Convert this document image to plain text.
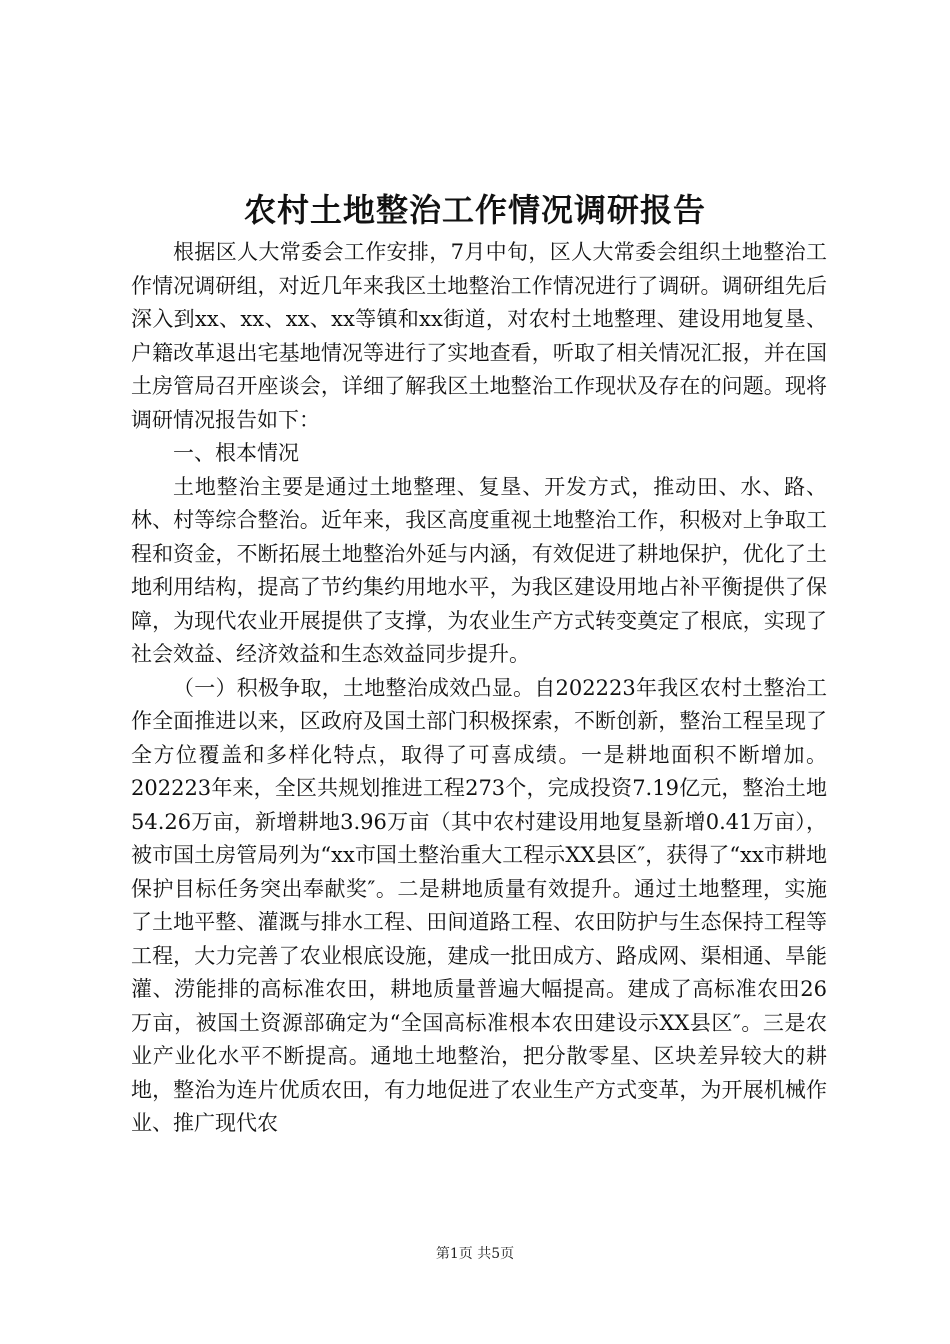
农村土地整治工作情况调研报告

根据区人大常委会工作安排，7月中旬，区人大常委会组织土地整治工作情况调研组，对近几年来我区土地整治工作情况进行了调研。调研组先后深入到xx、xx、xx、xx等镇和xx街道，对农村土地整理、建设用地复垦、户籍改革退出宅基地情况等进行了实地查看，听取了相关情况汇报，并在国土房管局召开座谈会，详细了解我区土地整治工作现状及存在的问题。现将调研情况报告如下：

一、根本情况

土地整治主要是通过土地整理、复垦、开发方式，推动田、水、路、林、村等综合整治。近年来，我区高度重视土地整治工作，积极对上争取工程和资金，不断拓展土地整治外延与内涵，有效促进了耕地保护，优化了土地利用结构，提高了节约集约用地水平，为我区建设用地占补平衡提供了保障，为现代农业开展提供了支撑，为农业生产方式转变奠定了根底，实现了社会效益、经济效益和生态效益同步提升。

（一）积极争取，土地整治成效凸显。自202223年我区农村土整治工作全面推进以来，区政府及国土部门积极探索，不断创新，整治工程呈现了全方位覆盖和多样化特点，取得了可喜成绩。一是耕地面积不断增加。202223年来，全区共规划推进工程273个，完成投资7.19亿元，整治土地54.26万亩，新增耕地3.96万亩（其中农村建设用地复垦新增0.41万亩），被市国土房管局列为“xx市国土整治重大工程示XX县区″，获得了“xx市耕地保护目标任务突出奉献奖″。二是耕地质量有效提升。通过土地整理，实施了土地平整、灌溉与排水工程、田间道路工程、农田防护与生态保持工程等工程，大力完善了农业根底设施，建成一批田成方、路成网、渠相通、旱能灌、涝能排的高标准农田，耕地质量普遍大幅提高。建成了高标准农田26万亩，被国土资源部确定为“全国高标准根本农田建设示XX县区″。三是农业产业化水平不断提高。通地土地整治，把分散零星、区块差异较大的耕地，整治为连片优质农田，有力地促进了农业生产方式变革，为开展机械作业、推广现代农

第1页 共5页
